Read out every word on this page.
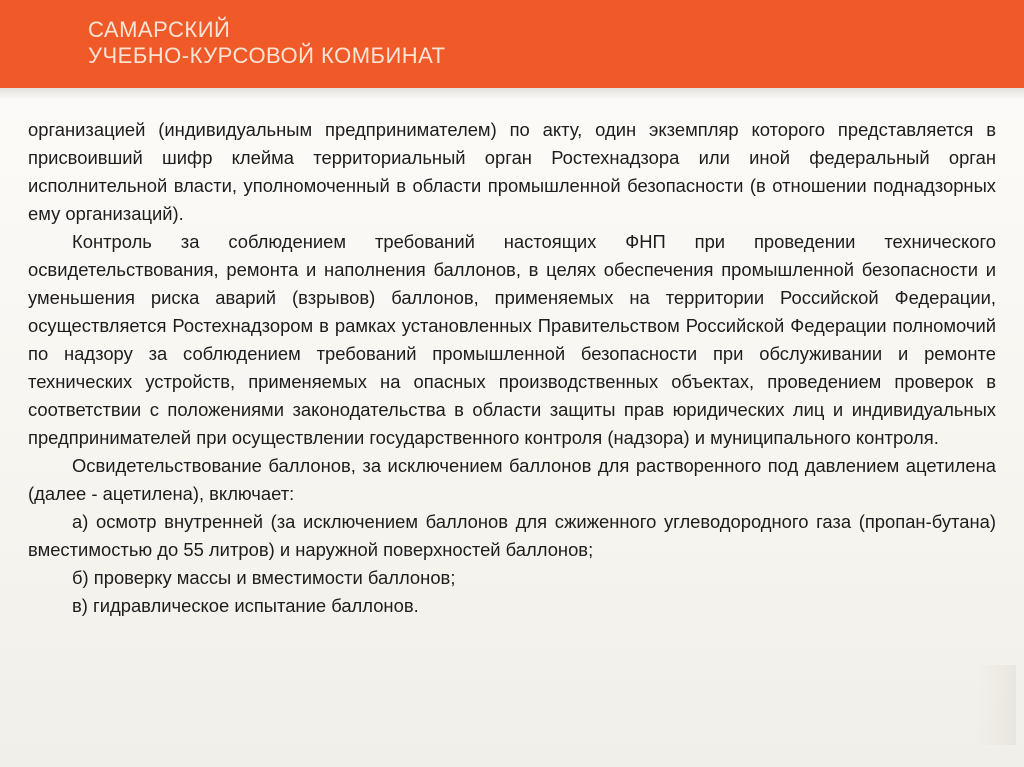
САМАРСКИЙ
УЧЕБНО-КУРСОВОЙ КОМБИНАТ

организацией (индивидуальным предпринимателем) по акту, один экземпляр которого представляется в присвоивший шифр клейма территориальный орган Ростехнадзора или иной федеральный орган исполнительной власти, уполномоченный в области промышленной безопасности (в отношении поднадзорных ему организаций).

Контроль за соблюдением требований настоящих ФНП при проведении технического освидетельствования, ремонта и наполнения баллонов, в целях обеспечения промышленной безопасности и уменьшения риска аварий (взрывов) баллонов, применяемых на территории Российской Федерации, осуществляется Ростехнадзором в рамках установленных Правительством Российской Федерации полномочий по надзору за соблюдением требований промышленной безопасности при обслуживании и ремонте технических устройств, применяемых на опасных производственных объектах, проведением проверок в соответствии с положениями законодательства в области защиты прав юридических лиц и индивидуальных предпринимателей при осуществлении государственного контроля (надзора) и муниципального контроля.

Освидетельствование баллонов, за исключением баллонов для растворенного под давлением ацетилена (далее - ацетилена), включает:

а) осмотр внутренней (за исключением баллонов для сжиженного углеводородного газа (пропан-бутана) вместимостью до 55 литров) и наружной поверхностей баллонов;

б) проверку массы и вместимости баллонов;

в) гидравлическое испытание баллонов.
